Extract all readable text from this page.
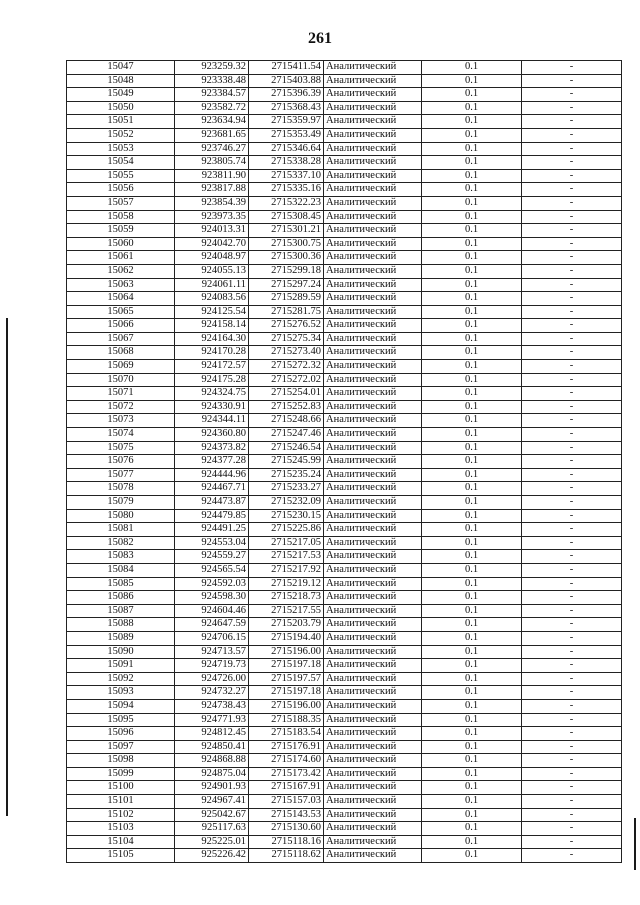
261
15047	923259.32	2715411.54	Аналитический	0.1	-
15048	923338.48	2715403.88	Аналитический	0.1	-
15049	923384.57	2715396.39	Аналитический	0.1	-
15050	923582.72	2715368.43	Аналитический	0.1	-
15051	923634.94	2715359.97	Аналитический	0.1	-
15052	923681.65	2715353.49	Аналитический	0.1	-
15053	923746.27	2715346.64	Аналитический	0.1	-
15054	923805.74	2715338.28	Аналитический	0.1	-
15055	923811.90	2715337.10	Аналитический	0.1	-
15056	923817.88	2715335.16	Аналитический	0.1	-
15057	923854.39	2715322.23	Аналитический	0.1	-
15058	923973.35	2715308.45	Аналитический	0.1	-
15059	924013.31	2715301.21	Аналитический	0.1	-
15060	924042.70	2715300.75	Аналитический	0.1	-
15061	924048.97	2715300.36	Аналитический	0.1	-
15062	924055.13	2715299.18	Аналитический	0.1	-
15063	924061.11	2715297.24	Аналитический	0.1	-
15064	924083.56	2715289.59	Аналитический	0.1	-
15065	924125.54	2715281.75	Аналитический	0.1	-
15066	924158.14	2715276.52	Аналитический	0.1	-
15067	924164.30	2715275.34	Аналитический	0.1	-
15068	924170.28	2715273.40	Аналитический	0.1	-
15069	924172.57	2715272.32	Аналитический	0.1	-
15070	924175.28	2715272.02	Аналитический	0.1	-
15071	924324.75	2715254.01	Аналитический	0.1	-
15072	924330.91	2715252.83	Аналитический	0.1	-
15073	924344.11	2715248.66	Аналитический	0.1	-
15074	924360.80	2715247.46	Аналитический	0.1	-
15075	924373.82	2715246.54	Аналитический	0.1	-
15076	924377.28	2715245.99	Аналитический	0.1	-
15077	924444.96	2715235.24	Аналитический	0.1	-
15078	924467.71	2715233.27	Аналитический	0.1	-
15079	924473.87	2715232.09	Аналитический	0.1	-
15080	924479.85	2715230.15	Аналитический	0.1	-
15081	924491.25	2715225.86	Аналитический	0.1	-
15082	924553.04	2715217.05	Аналитический	0.1	-
15083	924559.27	2715217.53	Аналитический	0.1	-
15084	924565.54	2715217.92	Аналитический	0.1	-
15085	924592.03	2715219.12	Аналитический	0.1	-
15086	924598.30	2715218.73	Аналитический	0.1	-
15087	924604.46	2715217.55	Аналитический	0.1	-
15088	924647.59	2715203.79	Аналитический	0.1	-
15089	924706.15	2715194.40	Аналитический	0.1	-
15090	924713.57	2715196.00	Аналитический	0.1	-
15091	924719.73	2715197.18	Аналитический	0.1	-
15092	924726.00	2715197.57	Аналитический	0.1	-
15093	924732.27	2715197.18	Аналитический	0.1	-
15094	924738.43	2715196.00	Аналитический	0.1	-
15095	924771.93	2715188.35	Аналитический	0.1	-
15096	924812.45	2715183.54	Аналитический	0.1	-
15097	924850.41	2715176.91	Аналитический	0.1	-
15098	924868.88	2715174.60	Аналитический	0.1	-
15099	924875.04	2715173.42	Аналитический	0.1	-
15100	924901.93	2715167.91	Аналитический	0.1	-
15101	924967.41	2715157.03	Аналитический	0.1	-
15102	925042.67	2715143.53	Аналитический	0.1	-
15103	925117.63	2715130.60	Аналитический	0.1	-
15104	925225.01	2715118.16	Аналитический	0.1	-
15105	925226.42	2715118.62	Аналитический	0.1	-
